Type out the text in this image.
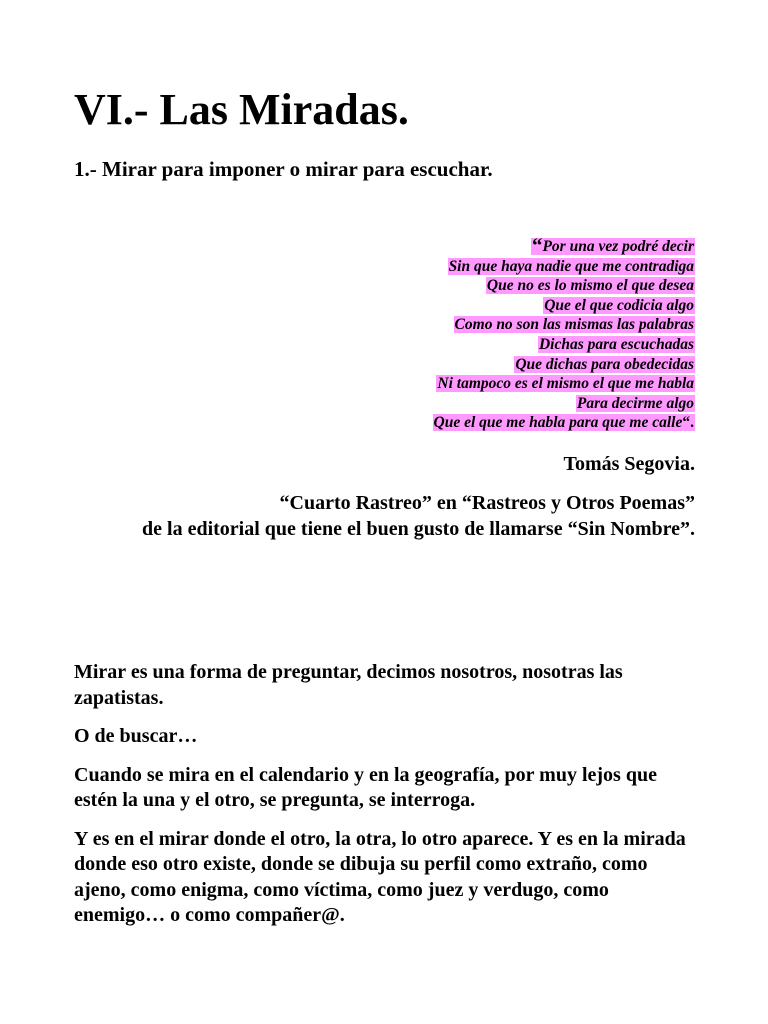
VI.- Las Miradas.
1.- Mirar para imponer o mirar para escuchar.
“Por una vez podré decir
Sin que haya nadie que me contradiga
Que no es lo mismo el que desea
Que el que codicia algo
Como no son las mismas las palabras
Dichas para escuchadas
Que dichas para obedecidas
Ni tampoco es el mismo el que me habla
Para decirme algo
Que el que me habla para que me calle“.
Tomás Segovia.
“Cuarto Rastreo” en “Rastreos y Otros Poemas”
de la editorial que tiene el buen gusto de llamarse “Sin Nombre”.

Mirar es una forma de preguntar, decimos nosotros, nosotras las zapatistas.

O de buscar…

Cuando se mira en el calendario y en la geografía, por muy lejos que estén la una y el otro, se pregunta, se interroga.

Y es en el mirar donde el otro, la otra, lo otro aparece. Y es en la mirada donde eso otro existe, donde se dibuja su perfil como extraño, como ajeno, como enigma, como víctima, como juez y verdugo, como enemigo… o como compañer@.
